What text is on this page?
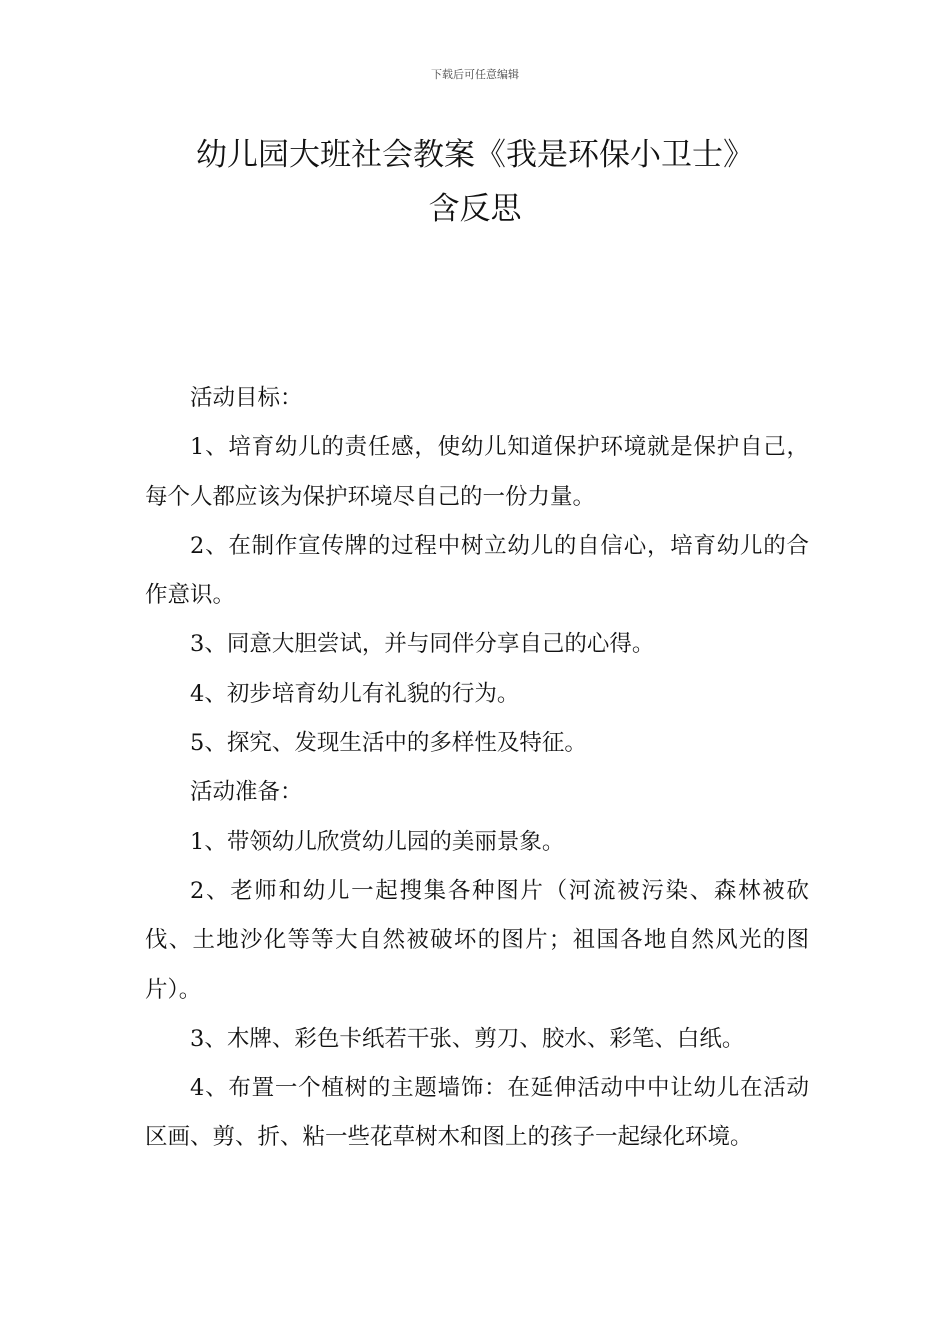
下载后可任意编辑
幼儿园大班社会教案《我是环保小卫士》
含反思

活动目标：

1、培育幼儿的责任感，使幼儿知道保护环境就是保护自己，每个人都应该为保护环境尽自己的一份力量。

2、在制作宣传牌的过程中树立幼儿的自信心，培育幼儿的合作意识。

3、同意大胆尝试，并与同伴分享自己的心得。

4、初步培育幼儿有礼貌的行为。

5、探究、发现生活中的多样性及特征。

活动准备：

1、带领幼儿欣赏幼儿园的美丽景象。

2、老师和幼儿一起搜集各种图片（河流被污染、森林被砍伐、土地沙化等等大自然被破坏的图片；祖国各地自然风光的图片）。

3、木牌、彩色卡纸若干张、剪刀、胶水、彩笔、白纸。

4、布置一个植树的主题墙饰：在延伸活动中中让幼儿在活动区画、剪、折、粘一些花草树木和图上的孩子一起绿化环境。
